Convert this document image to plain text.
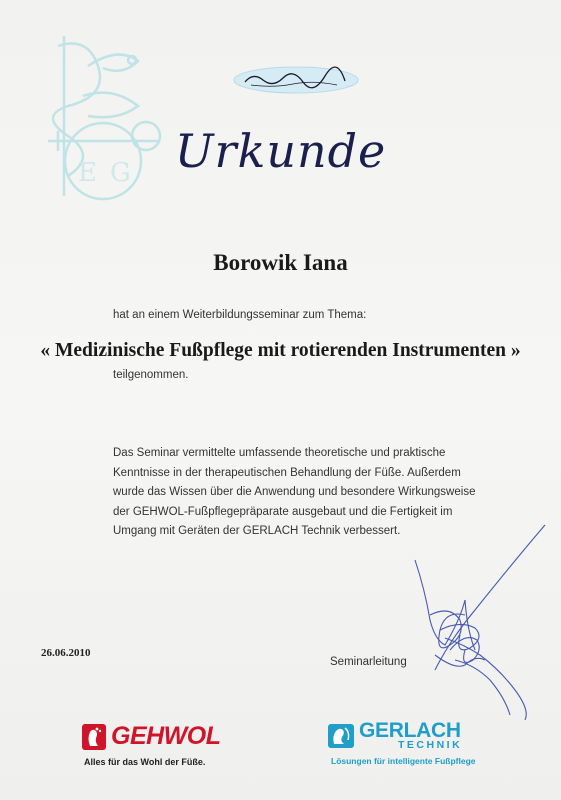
E G Urkunde
Borowik Iana
hat an einem Weiterbildungsseminar zum Thema:
« Medizinische Fußpflege mit rotierenden Instrumenten »
teilgenommen.
Das Seminar vermittelte umfassende theoretische und praktische
Kenntnisse in der therapeutischen Behandlung der Füße. Außerdem
wurde das Wissen über die Anwendung und besondere Wirkungsweise
der GEHWOL-Fußpflegepräparate ausgebaut und die Fertigkeit im
Umgang mit Geräten der GERLACH Technik verbessert.
26.06.2010
Seminarleitung
GEHWOL
Alles für das Wohl der Füße.
GERLACH
TECHNIK
Lösungen für intelligente Fußpflege
